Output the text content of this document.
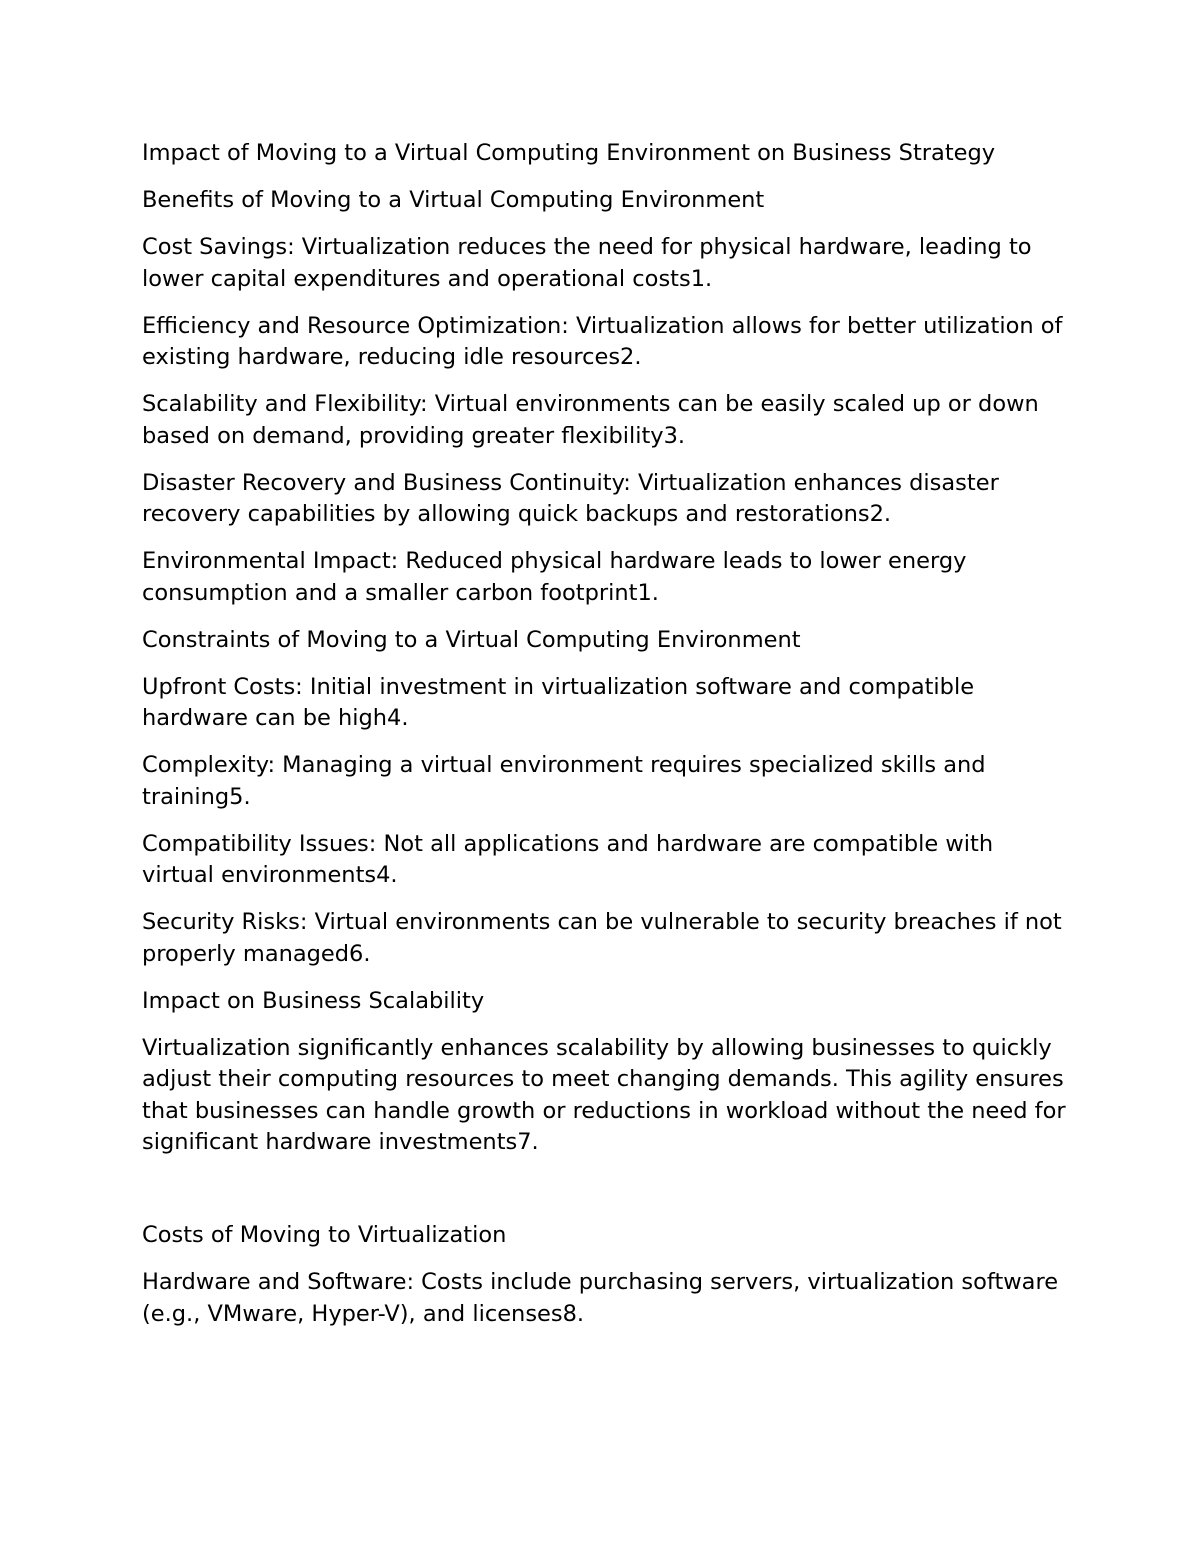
Impact of Moving to a Virtual Computing Environment on Business Strategy

Benefits of Moving to a Virtual Computing Environment

Cost Savings: Virtualization reduces the need for physical hardware, leading to lower capital expenditures and operational costs1.

Efficiency and Resource Optimization: Virtualization allows for better utilization of existing hardware, reducing idle resources2.

Scalability and Flexibility: Virtual environments can be easily scaled up or down based on demand, providing greater flexibility3.

Disaster Recovery and Business Continuity: Virtualization enhances disaster recovery capabilities by allowing quick backups and restorations2.

Environmental Impact: Reduced physical hardware leads to lower energy consumption and a smaller carbon footprint1.

Constraints of Moving to a Virtual Computing Environment

Upfront Costs: Initial investment in virtualization software and compatible hardware can be high4.

Complexity: Managing a virtual environment requires specialized skills and training5.

Compatibility Issues: Not all applications and hardware are compatible with virtual environments4.

Security Risks: Virtual environments can be vulnerable to security breaches if not properly managed6.

Impact on Business Scalability

Virtualization significantly enhances scalability by allowing businesses to quickly adjust their computing resources to meet changing demands. This agility ensures that businesses can handle growth or reductions in workload without the need for significant hardware investments7.

Costs of Moving to Virtualization

Hardware and Software: Costs include purchasing servers, virtualization software (e.g., VMware, Hyper-V), and licenses8.
